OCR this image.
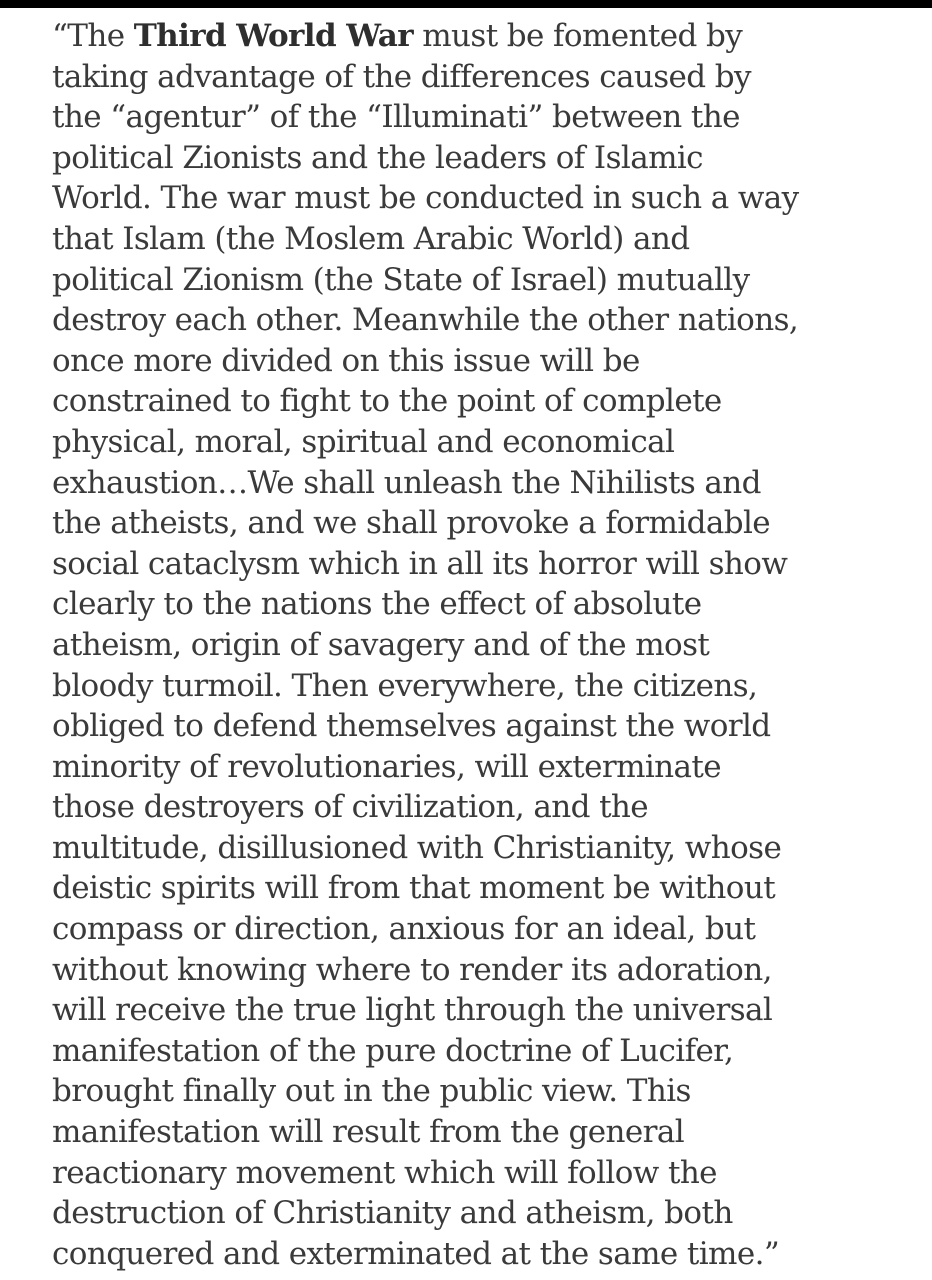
“The Third World War must be fomented by
taking advantage of the differences caused by
the “agentur” of the “Illuminati” between the
political Zionists and the leaders of Islamic
World. The war must be conducted in such a way
that Islam (the Moslem Arabic World) and
political Zionism (the State of Israel) mutually
destroy each other. Meanwhile the other nations,
once more divided on this issue will be
constrained to fight to the point of complete
physical, moral, spiritual and economical
exhaustion…We shall unleash the Nihilists and
the atheists, and we shall provoke a formidable
social cataclysm which in all its horror will show
clearly to the nations the effect of absolute
atheism, origin of savagery and of the most
bloody turmoil. Then everywhere, the citizens,
obliged to defend themselves against the world
minority of revolutionaries, will exterminate
those destroyers of civilization, and the
multitude, disillusioned with Christianity, whose
deistic spirits will from that moment be without
compass or direction, anxious for an ideal, but
without knowing where to render its adoration,
will receive the true light through the universal
manifestation of the pure doctrine of Lucifer,
brought finally out in the public view. This
manifestation will result from the general
reactionary movement which will follow the
destruction of Christianity and atheism, both
conquered and exterminated at the same time.”
